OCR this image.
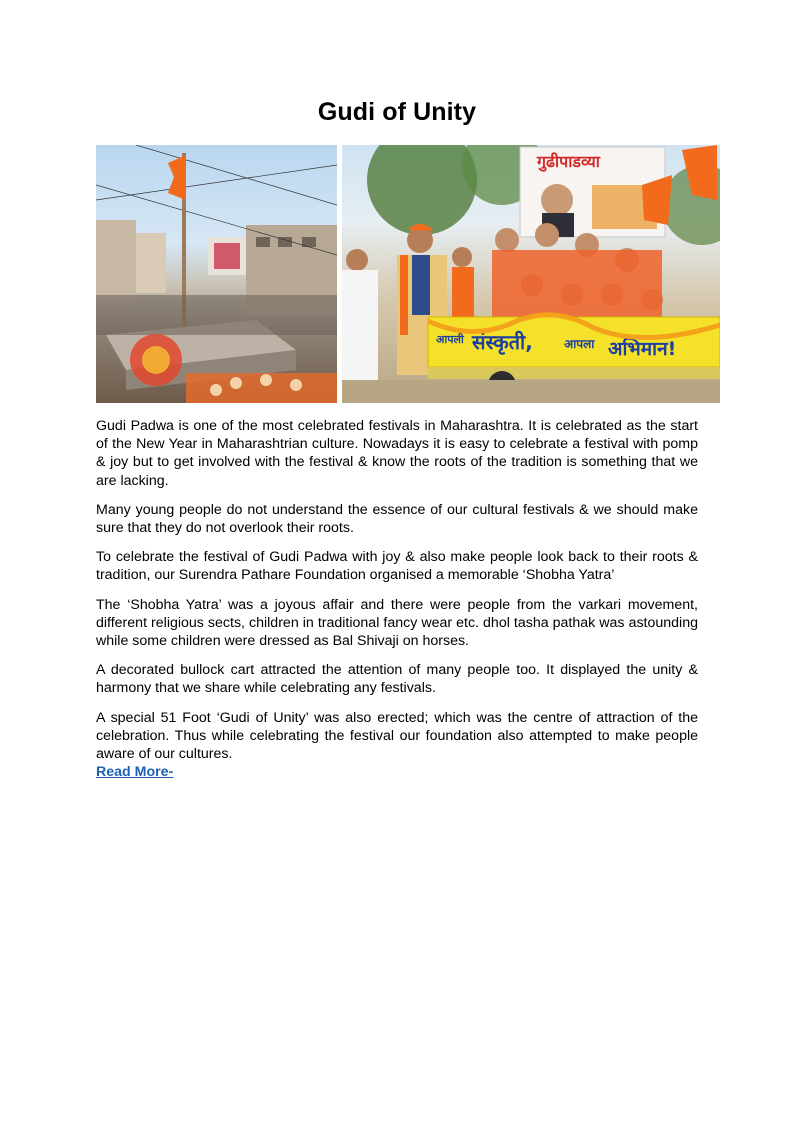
Gudi of Unity
गुढीपाडव्या
आपली संस्कृती,	आपला अभिमान!

Gudi Padwa is one of the most celebrated festivals in Maharashtra. It is celebrated as the start of the New Year in Maharashtrian culture. Nowadays it is easy to celebrate a festival with pomp & joy but to get involved with the festival & know the roots of the tradition is something that we are lacking.

Many young people do not understand the essence of our cultural festivals & we should make sure that they do not overlook their roots.

To celebrate the festival of Gudi Padwa with joy & also make people look back to their roots & tradition, our Surendra Pathare Foundation organised a memorable ‘Shobha Yatra’

The ‘Shobha Yatra’ was a joyous affair and there were people from the varkari movement, different religious sects, children in traditional fancy wear etc. dhol tasha pathak was astounding while some children were dressed as Bal Shivaji on horses.

A decorated bullock cart attracted the attention of many people too. It displayed the unity & harmony that we share while celebrating any festivals.

A special 51 Foot ‘Gudi of Unity’ was also erected; which was the centre of attraction of the celebration. Thus while celebrating the festival our foundation also attempted to make people aware of our cultures.

Read More-
